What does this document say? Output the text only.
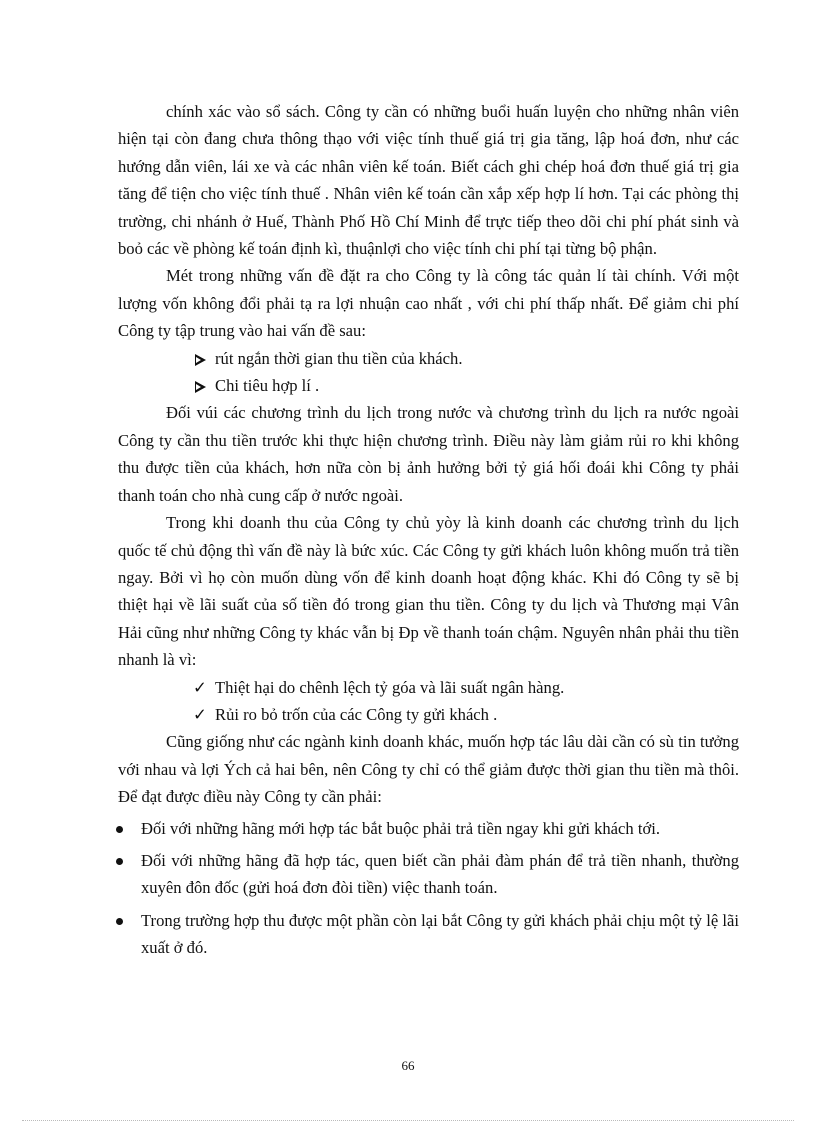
chính xác vào sổ sách. Công ty cần có những buổi huấn luyện cho những nhân viên hiện tại còn đang chưa thông thạo với việc tính thuế giá trị gia tăng, lập hoá đơn, như các hướng dẫn viên, lái xe và các nhân viên kế toán. Biết cách ghi chép hoá đơn thuế giá trị gia tăng để tiện cho việc tính thuế . Nhân viên kế toán cần xắp xếp hợp lí hơn. Tại các phòng thị trường, chi nhánh ở Huế, Thành Phố Hồ Chí Minh để trực tiếp theo dõi chi phí phát sinh và boỏ các về phòng kế toán định kì, thuậnlợi cho việc tính chi phí tại từng bộ phận.

Mét trong những vấn đề đặt ra cho Công ty là công tác quản lí tài chính. Với một lượng vốn không đổi phải tạ ra lợi nhuận cao nhất , với chi phí thấp nhất. Để giảm chi phí Công ty tập trung vào hai vấn đề sau:

rút ngắn thời gian thu tiền của khách.
Chi tiêu hợp lí .

Đối vúi các chương trình du lịch trong nước và chương trình du lịch ra nước ngoài Công ty cần thu tiền trước khi thực hiện chương trình. Điều này làm giảm rủi ro khi không thu được tiền của khách, hơn nữa còn bị ảnh hưởng bởi tỷ giá hối đoái khi Công ty phải thanh toán cho nhà cung cấp ở nước ngoài.

Trong khi doanh thu của Công ty chủ yòy là kinh doanh các chương trình du lịch quốc tế chủ động thì vấn đề này là bức xúc. Các Công ty gửi khách luôn không muốn trả tiền ngay. Bởi vì họ còn muốn dùng vốn để kinh doanh hoạt động khác. Khi đó Công ty sẽ bị thiệt hại về lãi suất của số tiền đó trong gian thu tiền. Công ty du lịch và Thương mại Vân Hải cũng như những Công ty khác vẫn bị Đp về thanh toán chậm. Nguyên nhân phải thu tiền nhanh là vì:

✓ Thiệt hại do chênh lệch tỷ góa và lãi suất ngân hàng.
✓ Rủi ro bỏ trốn của các Công ty gửi khách .

Cũng giống như các ngành kinh doanh khác, muốn hợp tác lâu dài cần có sù tin tưởng với nhau và lợi Ých cả hai bên, nên Công ty chỉ có thể giảm được thời gian thu tiền mà thôi. Để đạt được điều này Công ty cần phải:

Đối với những hãng mới hợp tác bắt buộc phải trả tiền ngay khi gửi khách tới.
Đối với những hãng đã hợp tác, quen biết cần phải đàm phán để trả tiền nhanh, thường xuyên đôn đốc (gửi hoá đơn đòi tiền) việc thanh toán.
Trong trường hợp thu được một phần còn lại bắt Công ty gửi khách phải chịu một tỷ lệ lãi xuất ở đó.
66
